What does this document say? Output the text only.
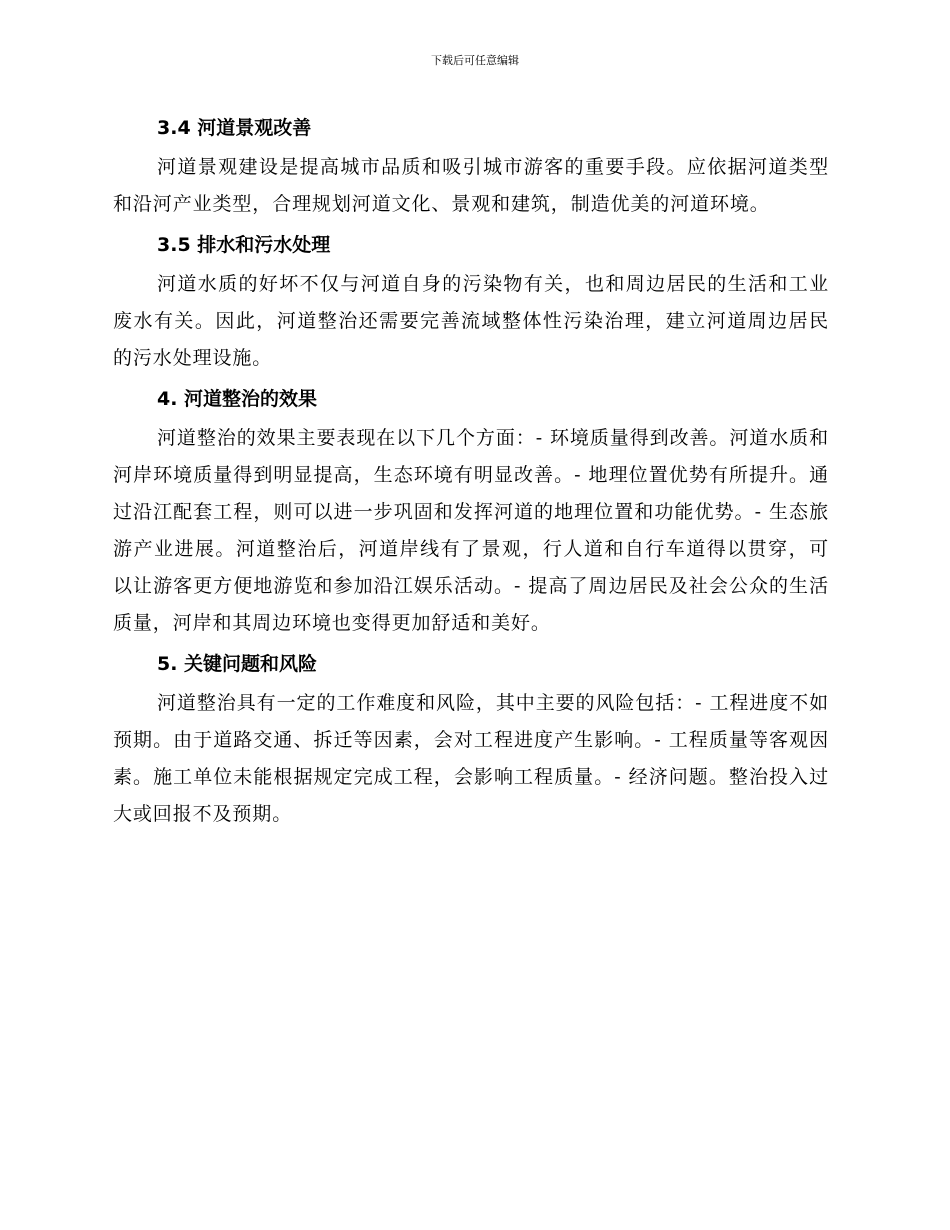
下载后可任意编辑
3.4 河道景观改善

河道景观建设是提高城市品质和吸引城市游客的重要手段。应依据河道类型和沿河产业类型，合理规划河道文化、景观和建筑，制造优美的河道环境。

3.5 排水和污水处理

河道水质的好坏不仅与河道自身的污染物有关，也和周边居民的生活和工业废水有关。因此，河道整治还需要完善流域整体性污染治理，建立河道周边居民的污水处理设施。

4. 河道整治的效果

河道整治的效果主要表现在以下几个方面：- 环境质量得到改善。河道水质和河岸环境质量得到明显提高，生态环境有明显改善。- 地理位置优势有所提升。通过沿江配套工程，则可以进一步巩固和发挥河道的地理位置和功能优势。- 生态旅游产业进展。河道整治后，河道岸线有了景观，行人道和自行车道得以贯穿，可以让游客更方便地游览和参加沿江娱乐活动。- 提高了周边居民及社会公众的生活质量，河岸和其周边环境也变得更加舒适和美好。

5. 关键问题和风险

河道整治具有一定的工作难度和风险，其中主要的风险包括：- 工程进度不如预期。由于道路交通、拆迁等因素，会对工程进度产生影响。- 工程质量等客观因素。施工单位未能根据规定完成工程，会影响工程质量。- 经济问题。整治投入过大或回报不及预期。
